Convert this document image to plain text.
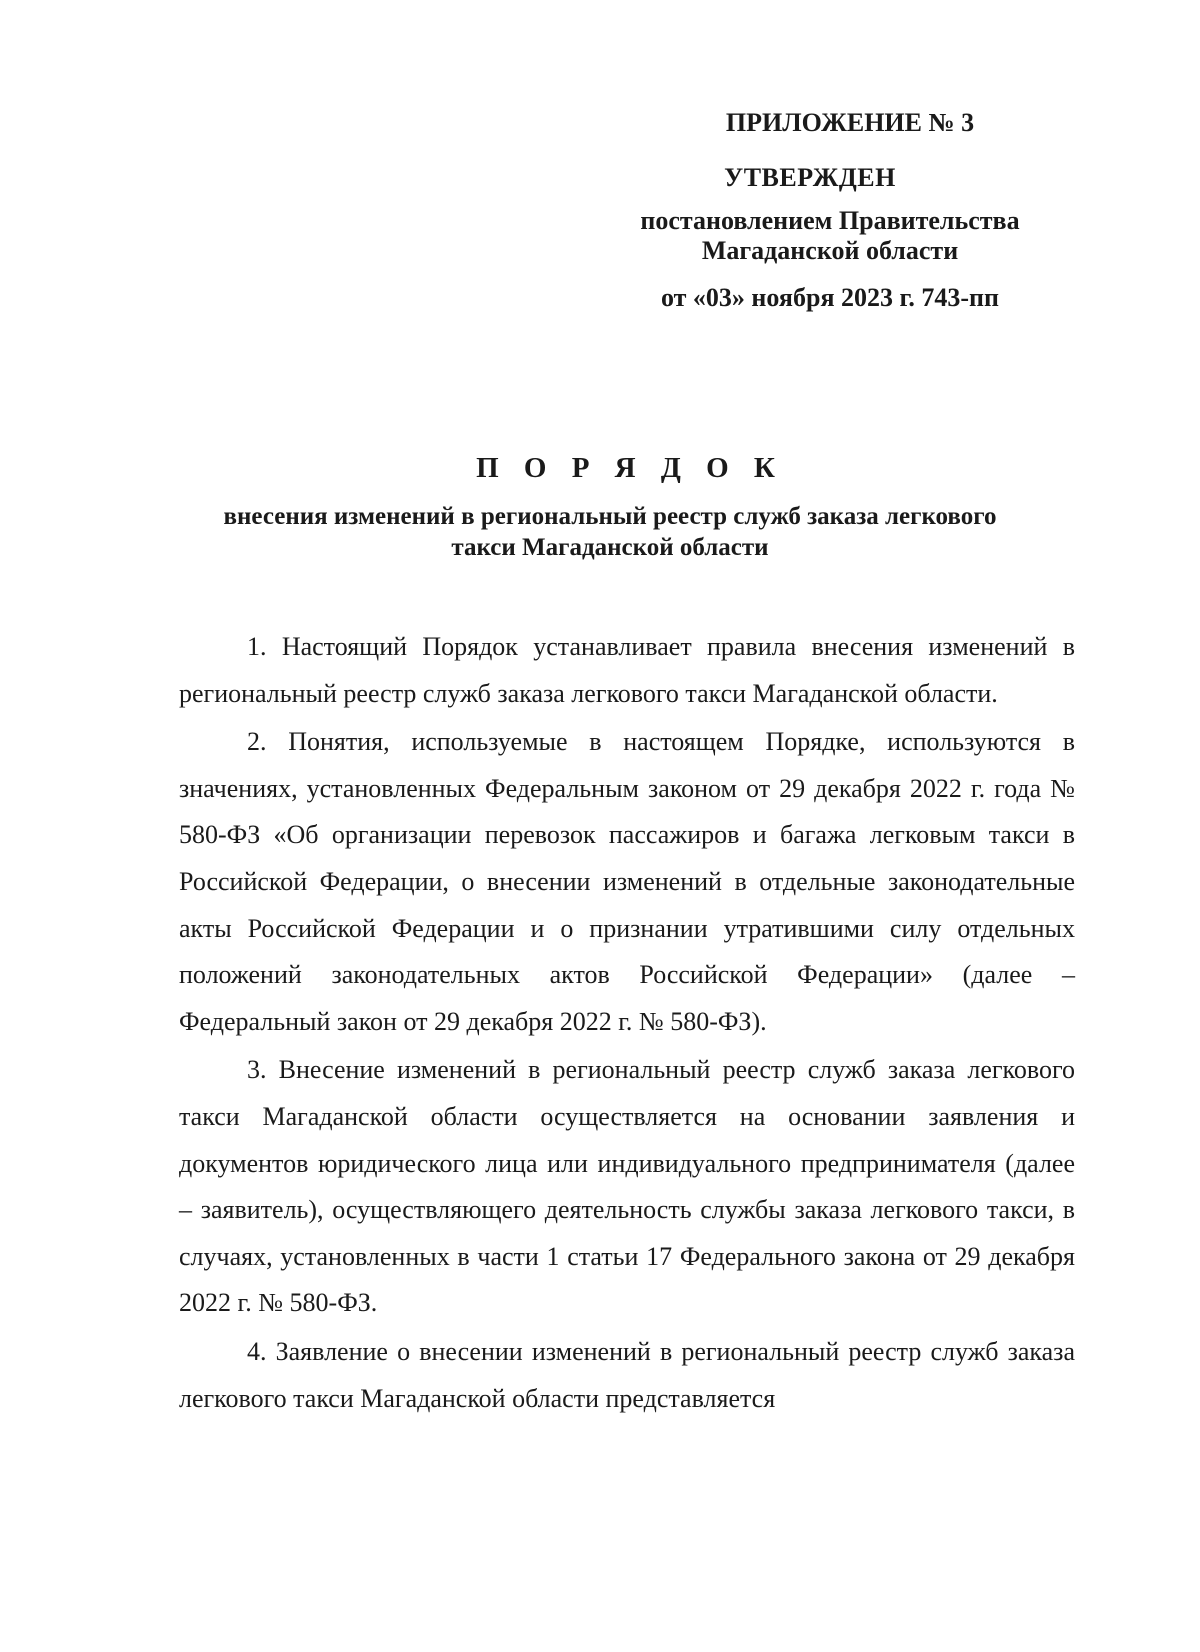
ПРИЛОЖЕНИЕ № 3
УТВЕРЖДЕН
постановлением Правительства
Магаданской области
от «03» ноября 2023 г. 743-пп
П О Р Я Д О К
внесения изменений в региональный реестр служб заказа легкового
такси Магаданской области

1. Настоящий Порядок устанавливает правила внесения изменений в региональный реестр служб заказа легкового такси Магаданской области.

2. Понятия, используемые в настоящем Порядке, используются в значениях, установленных Федеральным законом от 29 декабря 2022 г. года № 580-ФЗ «Об организации перевозок пассажиров и багажа легковым такси в Российской Федерации, о внесении изменений в отдельные законодательные акты Российской Федерации и о признании утратившими силу отдельных положений законодательных актов Российской Федерации» (далее – Федеральный закон от 29 декабря 2022 г. № 580-ФЗ).

3. Внесение изменений в региональный реестр служб заказа легкового такси Магаданской области осуществляется на основании заявления и документов юридического лица или индивидуального предпринимателя (далее – заявитель), осуществляющего деятельность службы заказа легкового такси, в случаях, установленных в части 1 статьи 17 Федерального закона от 29 декабря 2022 г. № 580-ФЗ.

4. Заявление о внесении изменений в региональный реестр служб заказа легкового такси Магаданской области представляется
